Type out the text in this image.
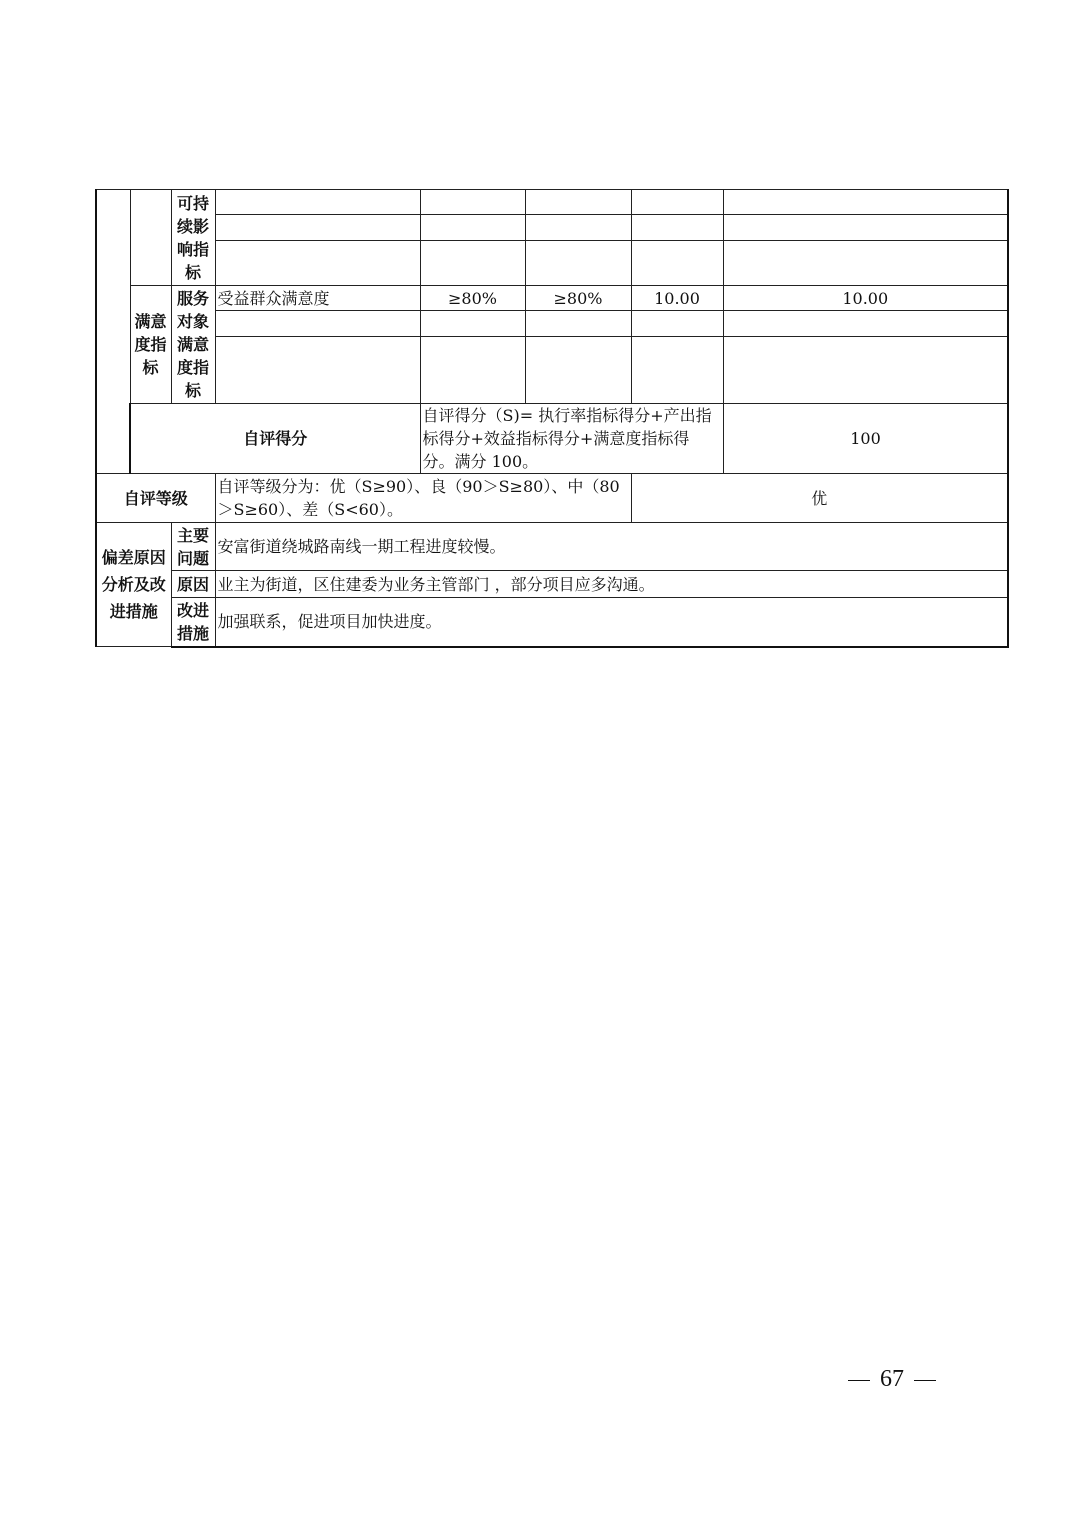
		可持续影响指标						

	满意度指标	服务对象满意度指标	受益群众满意度	≥80%	≥80%	10.00	10.00	

	自评得分			自评得分（S)= 执行率指标得分+产出指标得分+效益指标得分+满意度指标得分。满分 100。			100	
自评等级			自评等级分为：优（S≥90）、良（90＞S≥80）、中（80＞S≥60）、差（S<60）。			优		
偏差原因分析及改进措施		主要问题	安富街道绕城路南线一期工程进度较慢。					
		原因	业主为街道，区住建委为业务主管部门 ，部分项目应多沟通。					
		改进措施	加强联系，促进项目加快进度。					
67
